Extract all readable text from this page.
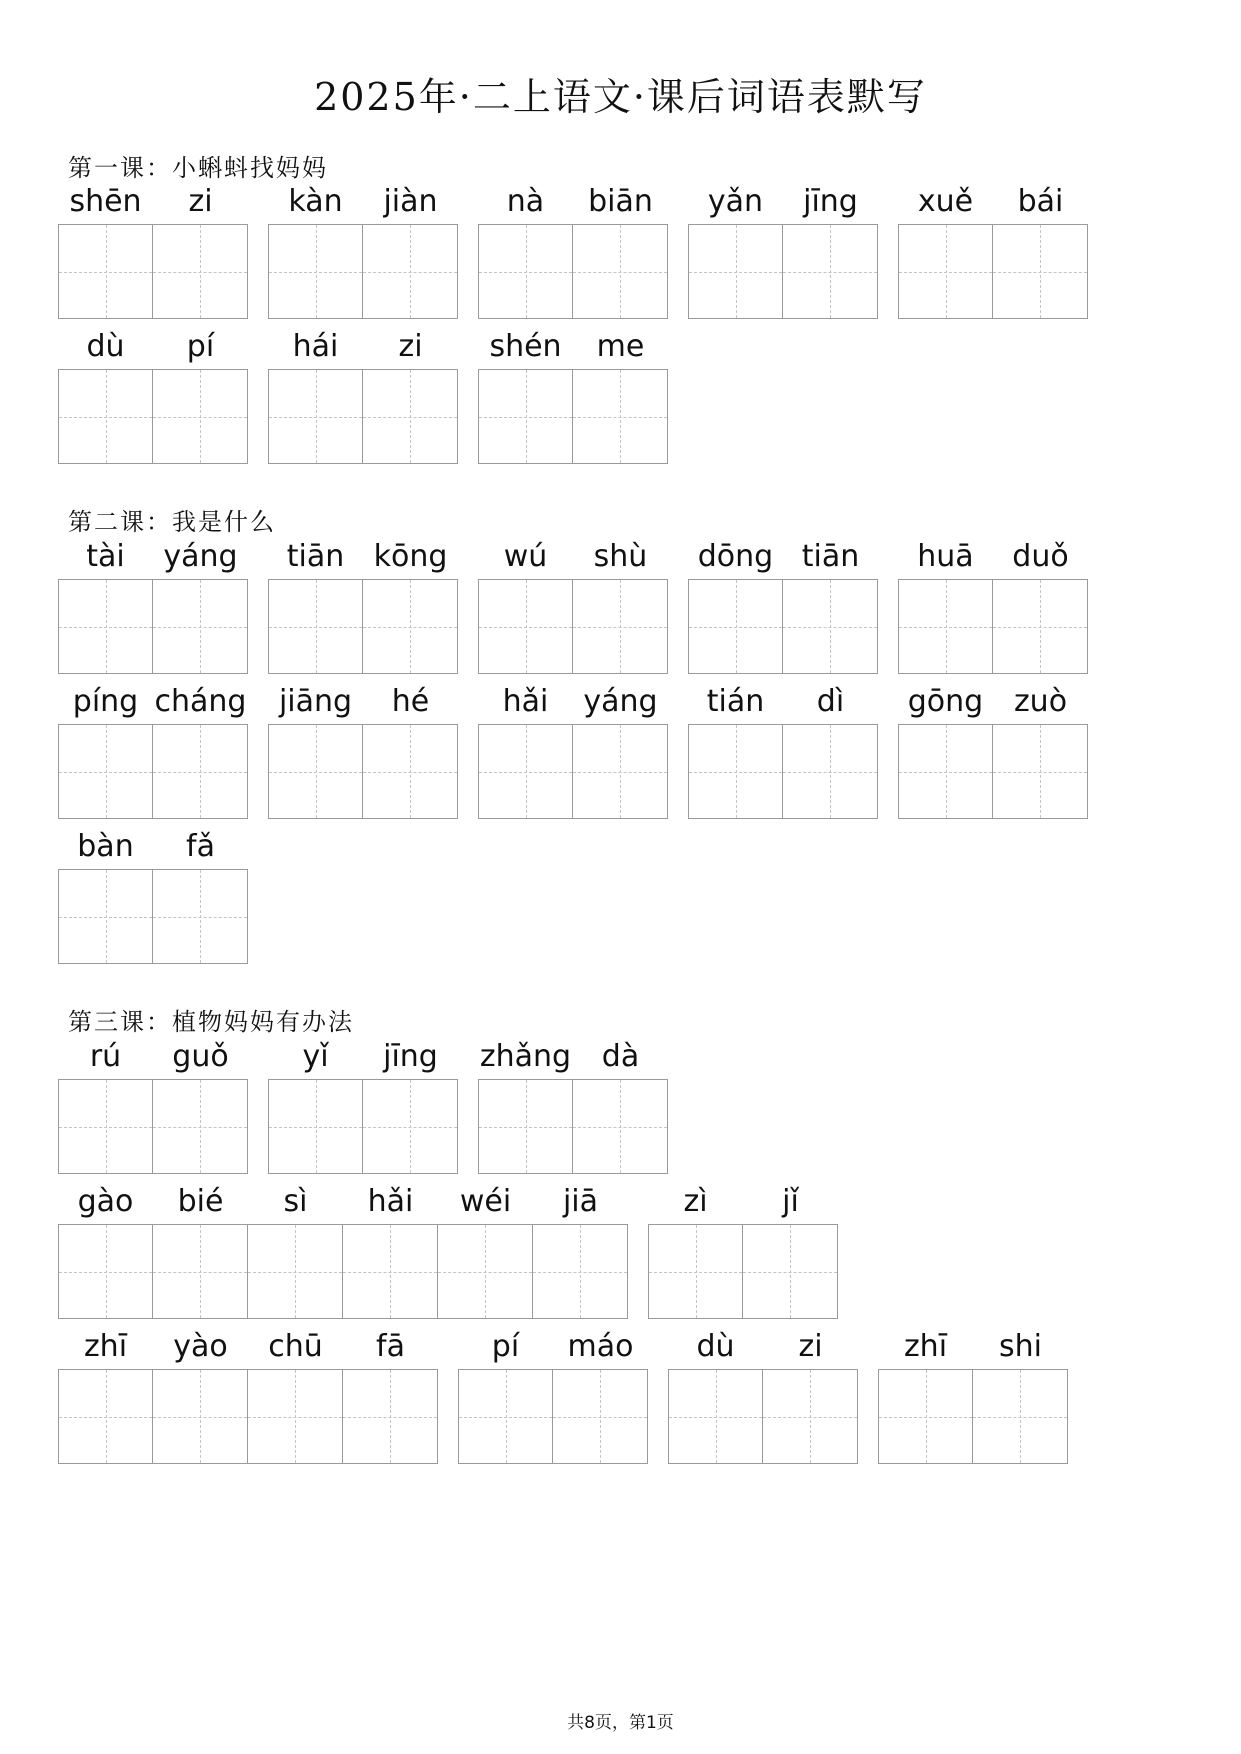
2025年·二上语文·课后词语表默写
第一课：小蝌蚪找妈妈
shēn	zi	kàn	jiàn	nà	biān	yǎn	jīng	xuě	bái
dù	pí	hái	zi	shén	me
第二课：我是什么
tài	yáng	tiān kōng	wú	shù	dōng tiān	huā	duǒ
píng cháng	jiāng	hé	hǎi	yáng	tián	dì	gōng	zuò
bàn	fǎ
第三课：植物妈妈有办法
rú	guǒ	yǐ	jīng	zhǎng	dà
gào	bié	sì	hǎi	wéi	jiā	zì	jǐ
zhī	yào	chū	fā	pí	máo	dù	zi	zhī	shi
共8页，第1页
